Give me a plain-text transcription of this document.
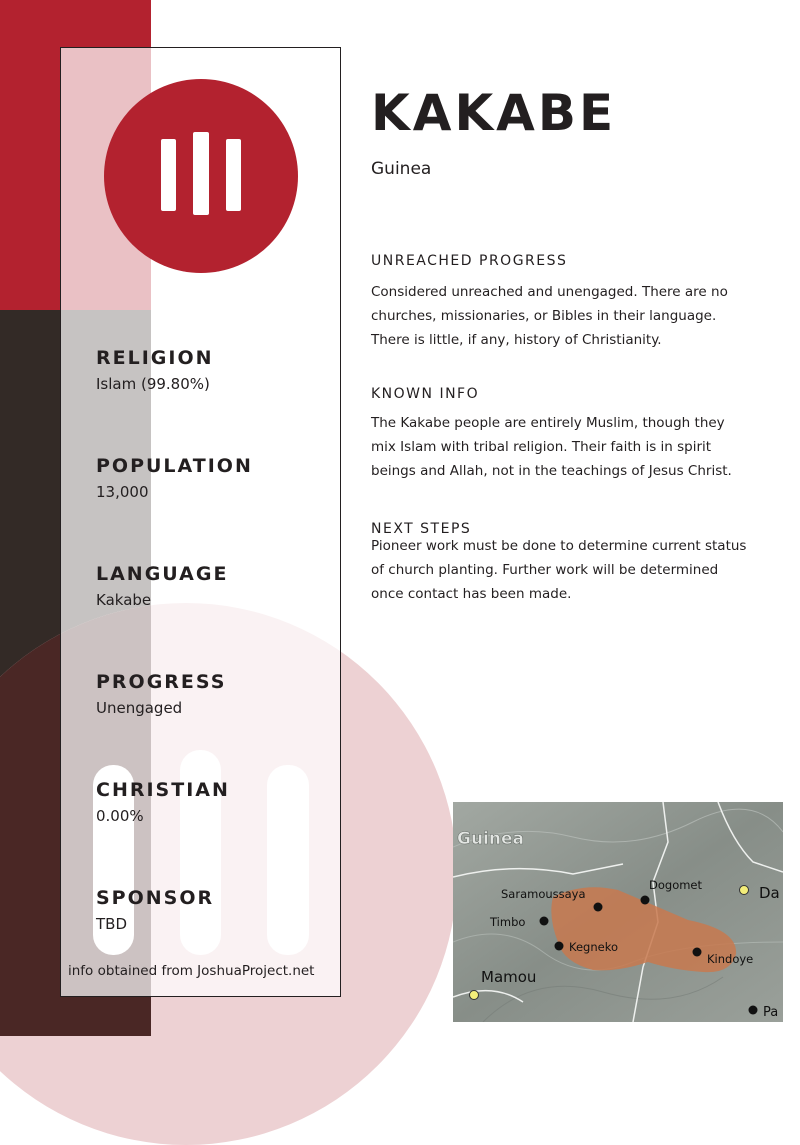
RELIGION
Islam (99.80%)
POPULATION
13,000
LANGUAGE
Kakabe
PROGRESS
Unengaged
CHRISTIAN
0.00%
SPONSOR
TBD
info obtained from JoshuaProject.net
KAKABE
Guinea
UNREACHED PROGRESS
Considered unreached and unengaged. There are no churches, missionaries, or Bibles in their language. There is little, if any, history of Christianity.
KNOWN INFO
The Kakabe people are entirely Muslim, though they mix Islam with tribal religion. Their faith is in spirit beings and Allah, not in the teachings of Jesus Christ.
NEXT STEPS
Pioneer work must be done to determine current status of church planting. Further work will be determined once contact has been made.
Guinea
Saramoussaya
Dogomet	Da
Timbo
Kegneko
Kindoye
Mamou
Pa
